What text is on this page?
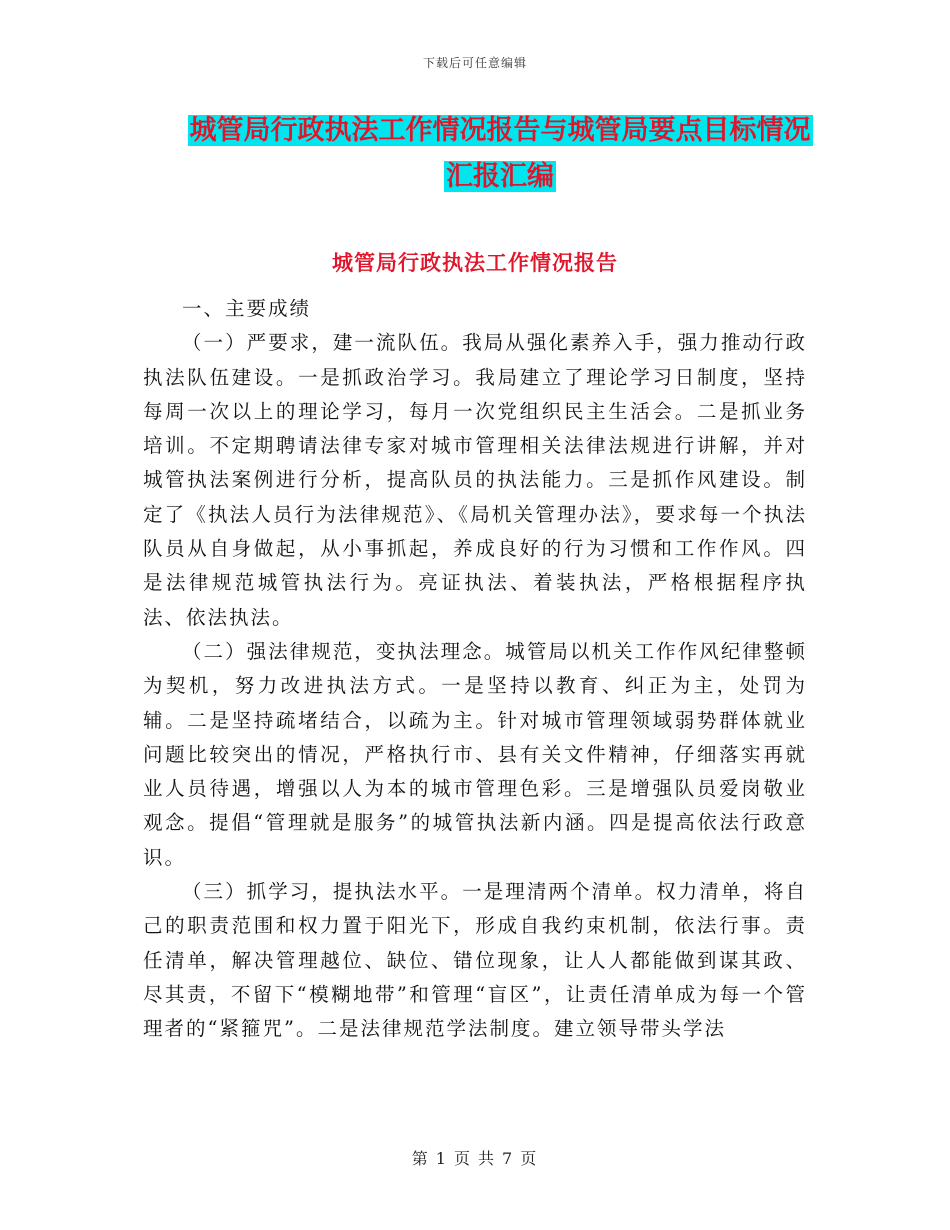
下载后可任意编辑
城管局行政执法工作情况报告与城管局要点目标情况
汇报汇编
城管局行政执法工作情况报告

一、主要成绩

（一）严要求，建一流队伍。我局从强化素养入手，强力推动行政执法队伍建设。一是抓政治学习。我局建立了理论学习日制度，坚持每周一次以上的理论学习，每月一次党组织民主生活会。二是抓业务培训。不定期聘请法律专家对城市管理相关法律法规进行讲解，并对城管执法案例进行分析，提高队员的执法能力。三是抓作风建设。制定了《执法人员行为法律规范》、《局机关管理办法》，要求每一个执法队员从自身做起，从小事抓起，养成良好的行为习惯和工作作风。四是法律规范城管执法行为。亮证执法、着装执法，严格根据程序执法、依法执法。

（二）强法律规范，变执法理念。城管局以机关工作作风纪律整顿为契机，努力改进执法方式。一是坚持以教育、纠正为主，处罚为辅。二是坚持疏堵结合，以疏为主。针对城市管理领域弱势群体就业问题比较突出的情况，严格执行市、县有关文件精神，仔细落实再就业人员待遇，增强以人为本的城市管理色彩。三是增强队员爱岗敬业观念。提倡“管理就是服务”的城管执法新内涵。四是提高依法行政意识。

（三）抓学习，提执法水平。一是理清两个清单。权力清单，将自己的职责范围和权力置于阳光下，形成自我约束机制，依法行事。责任清单，解决管理越位、缺位、错位现象，让人人都能做到谋其政、尽其责，不留下“模糊地带”和管理“盲区”，让责任清单成为每一个管理者的“紧箍咒”。二是法律规范学法制度。建立领导带头学法

第 1 页 共 7 页
